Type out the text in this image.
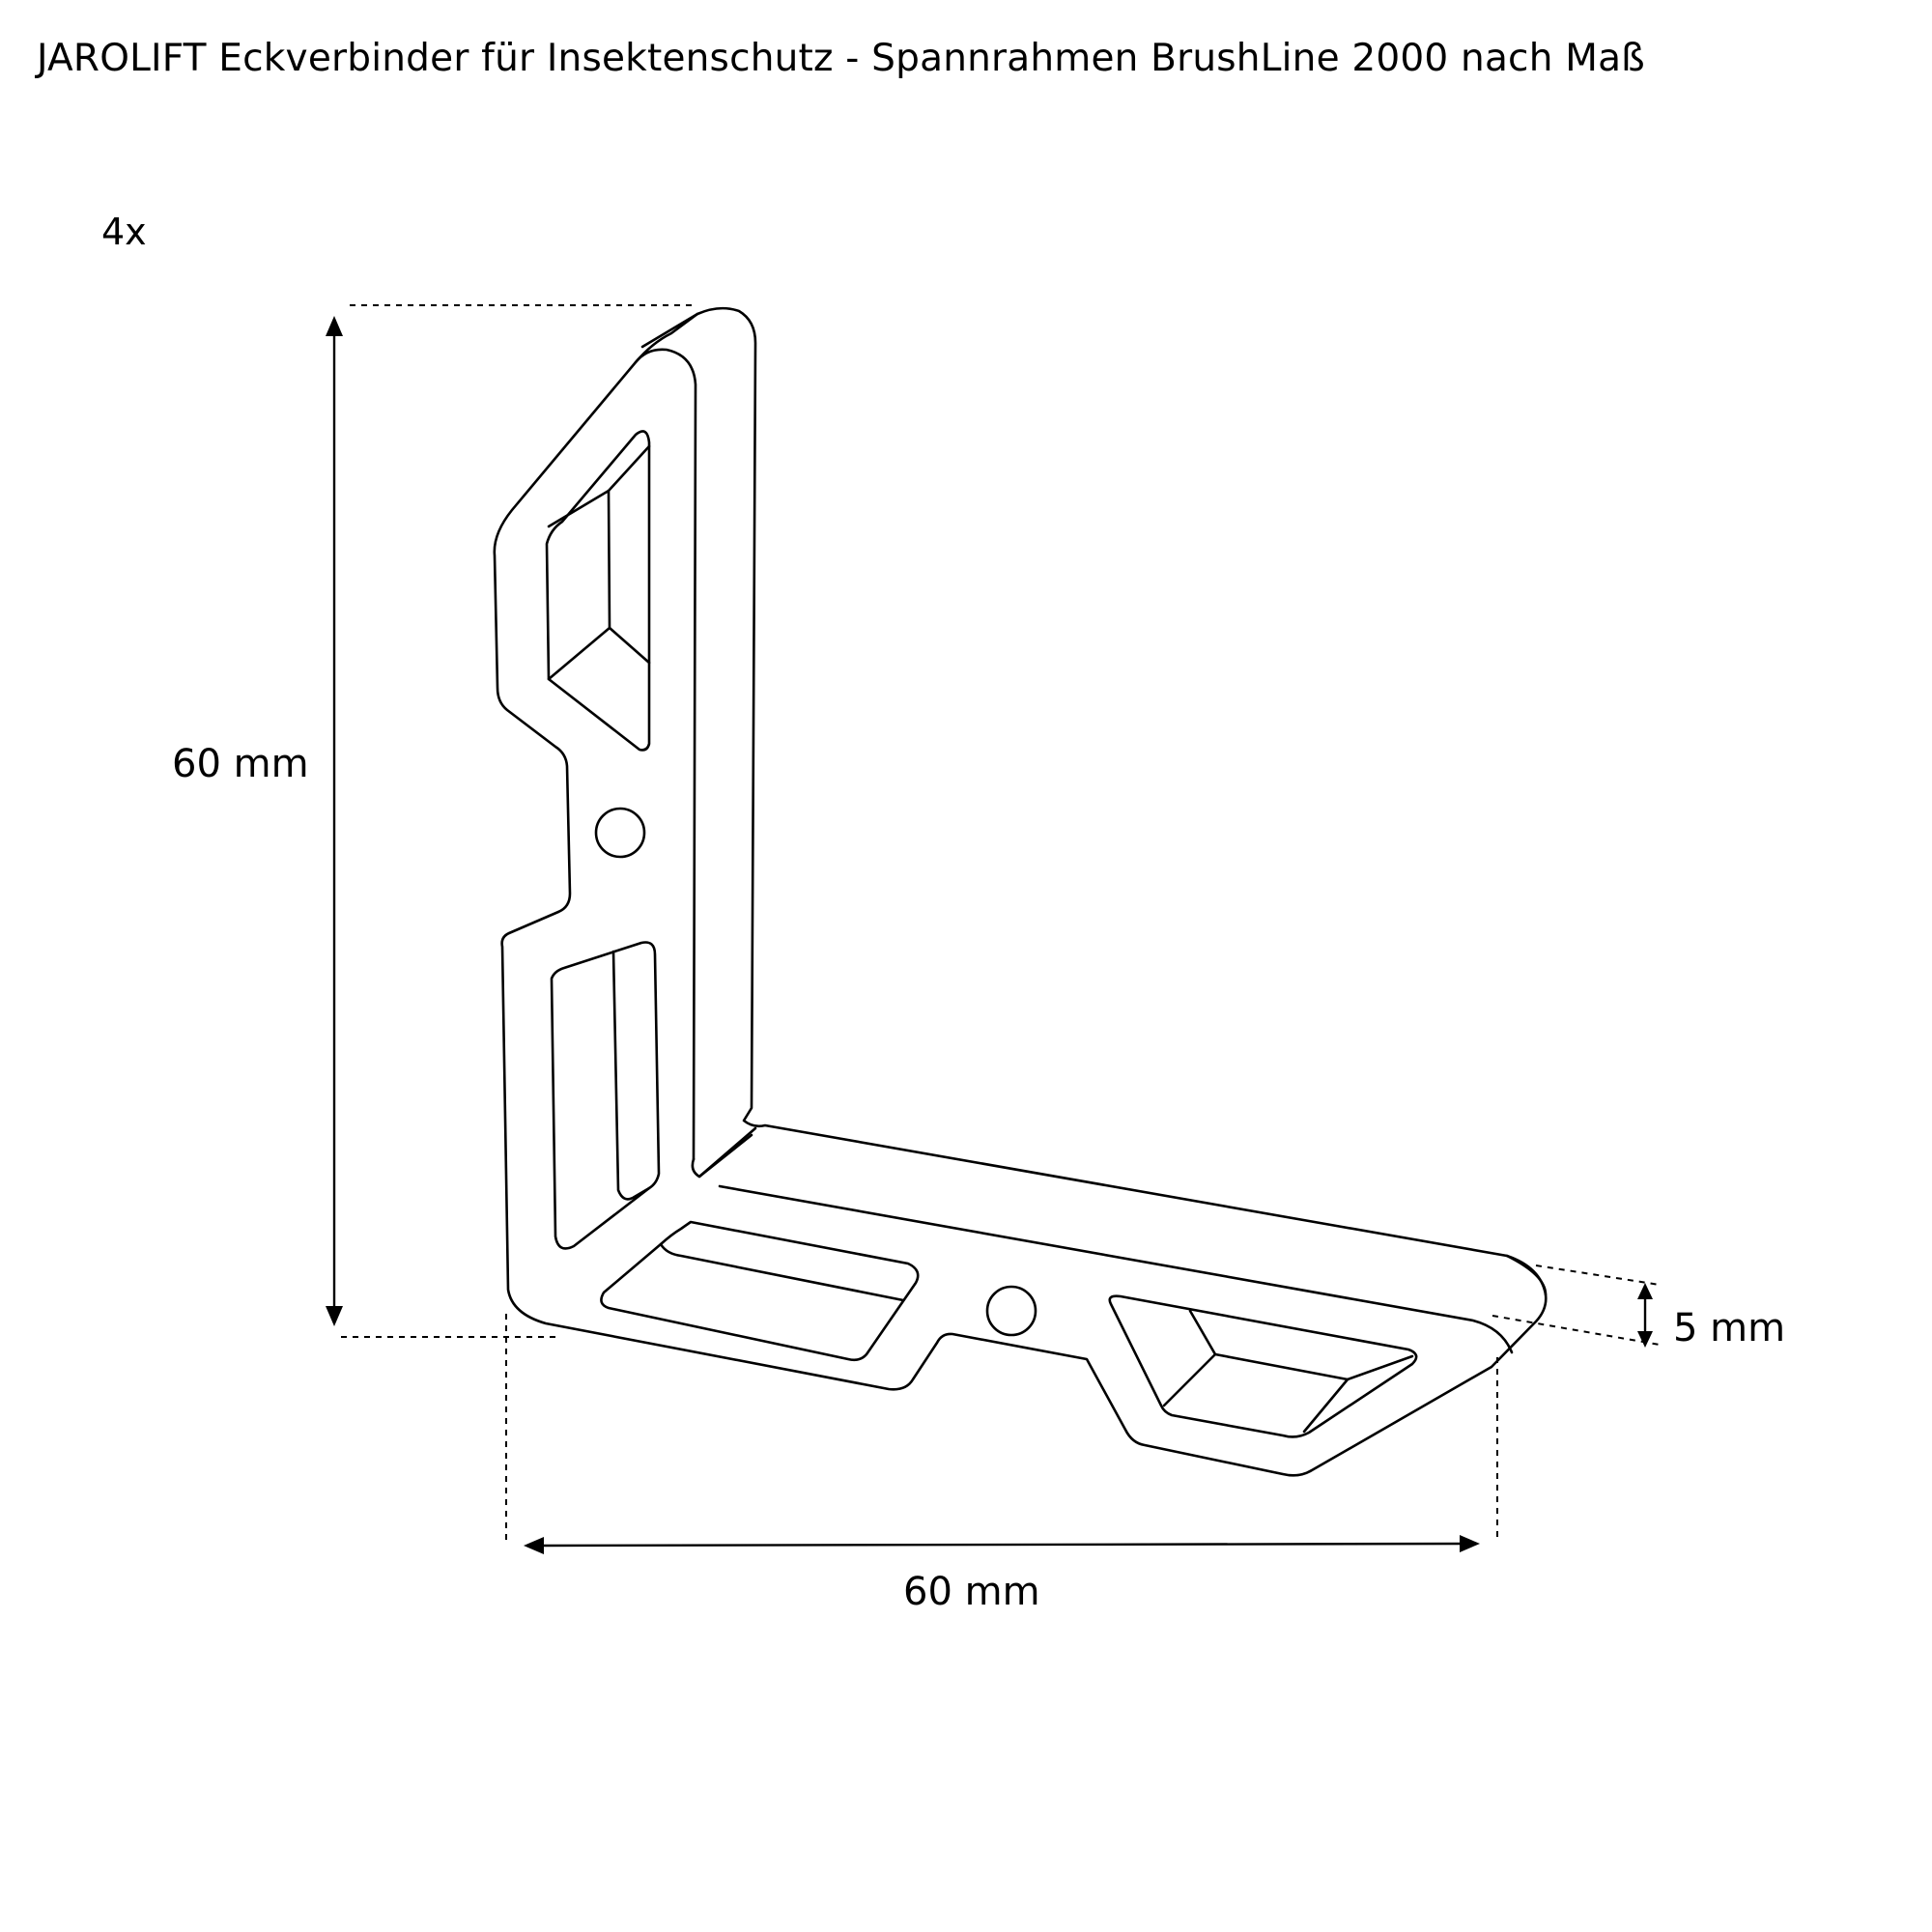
JAROLIFT Eckverbinder für Insektenschutz - Spannrahmen BrushLine 2000 nach Maß
4x
60 mm
60 mm
5 mm
